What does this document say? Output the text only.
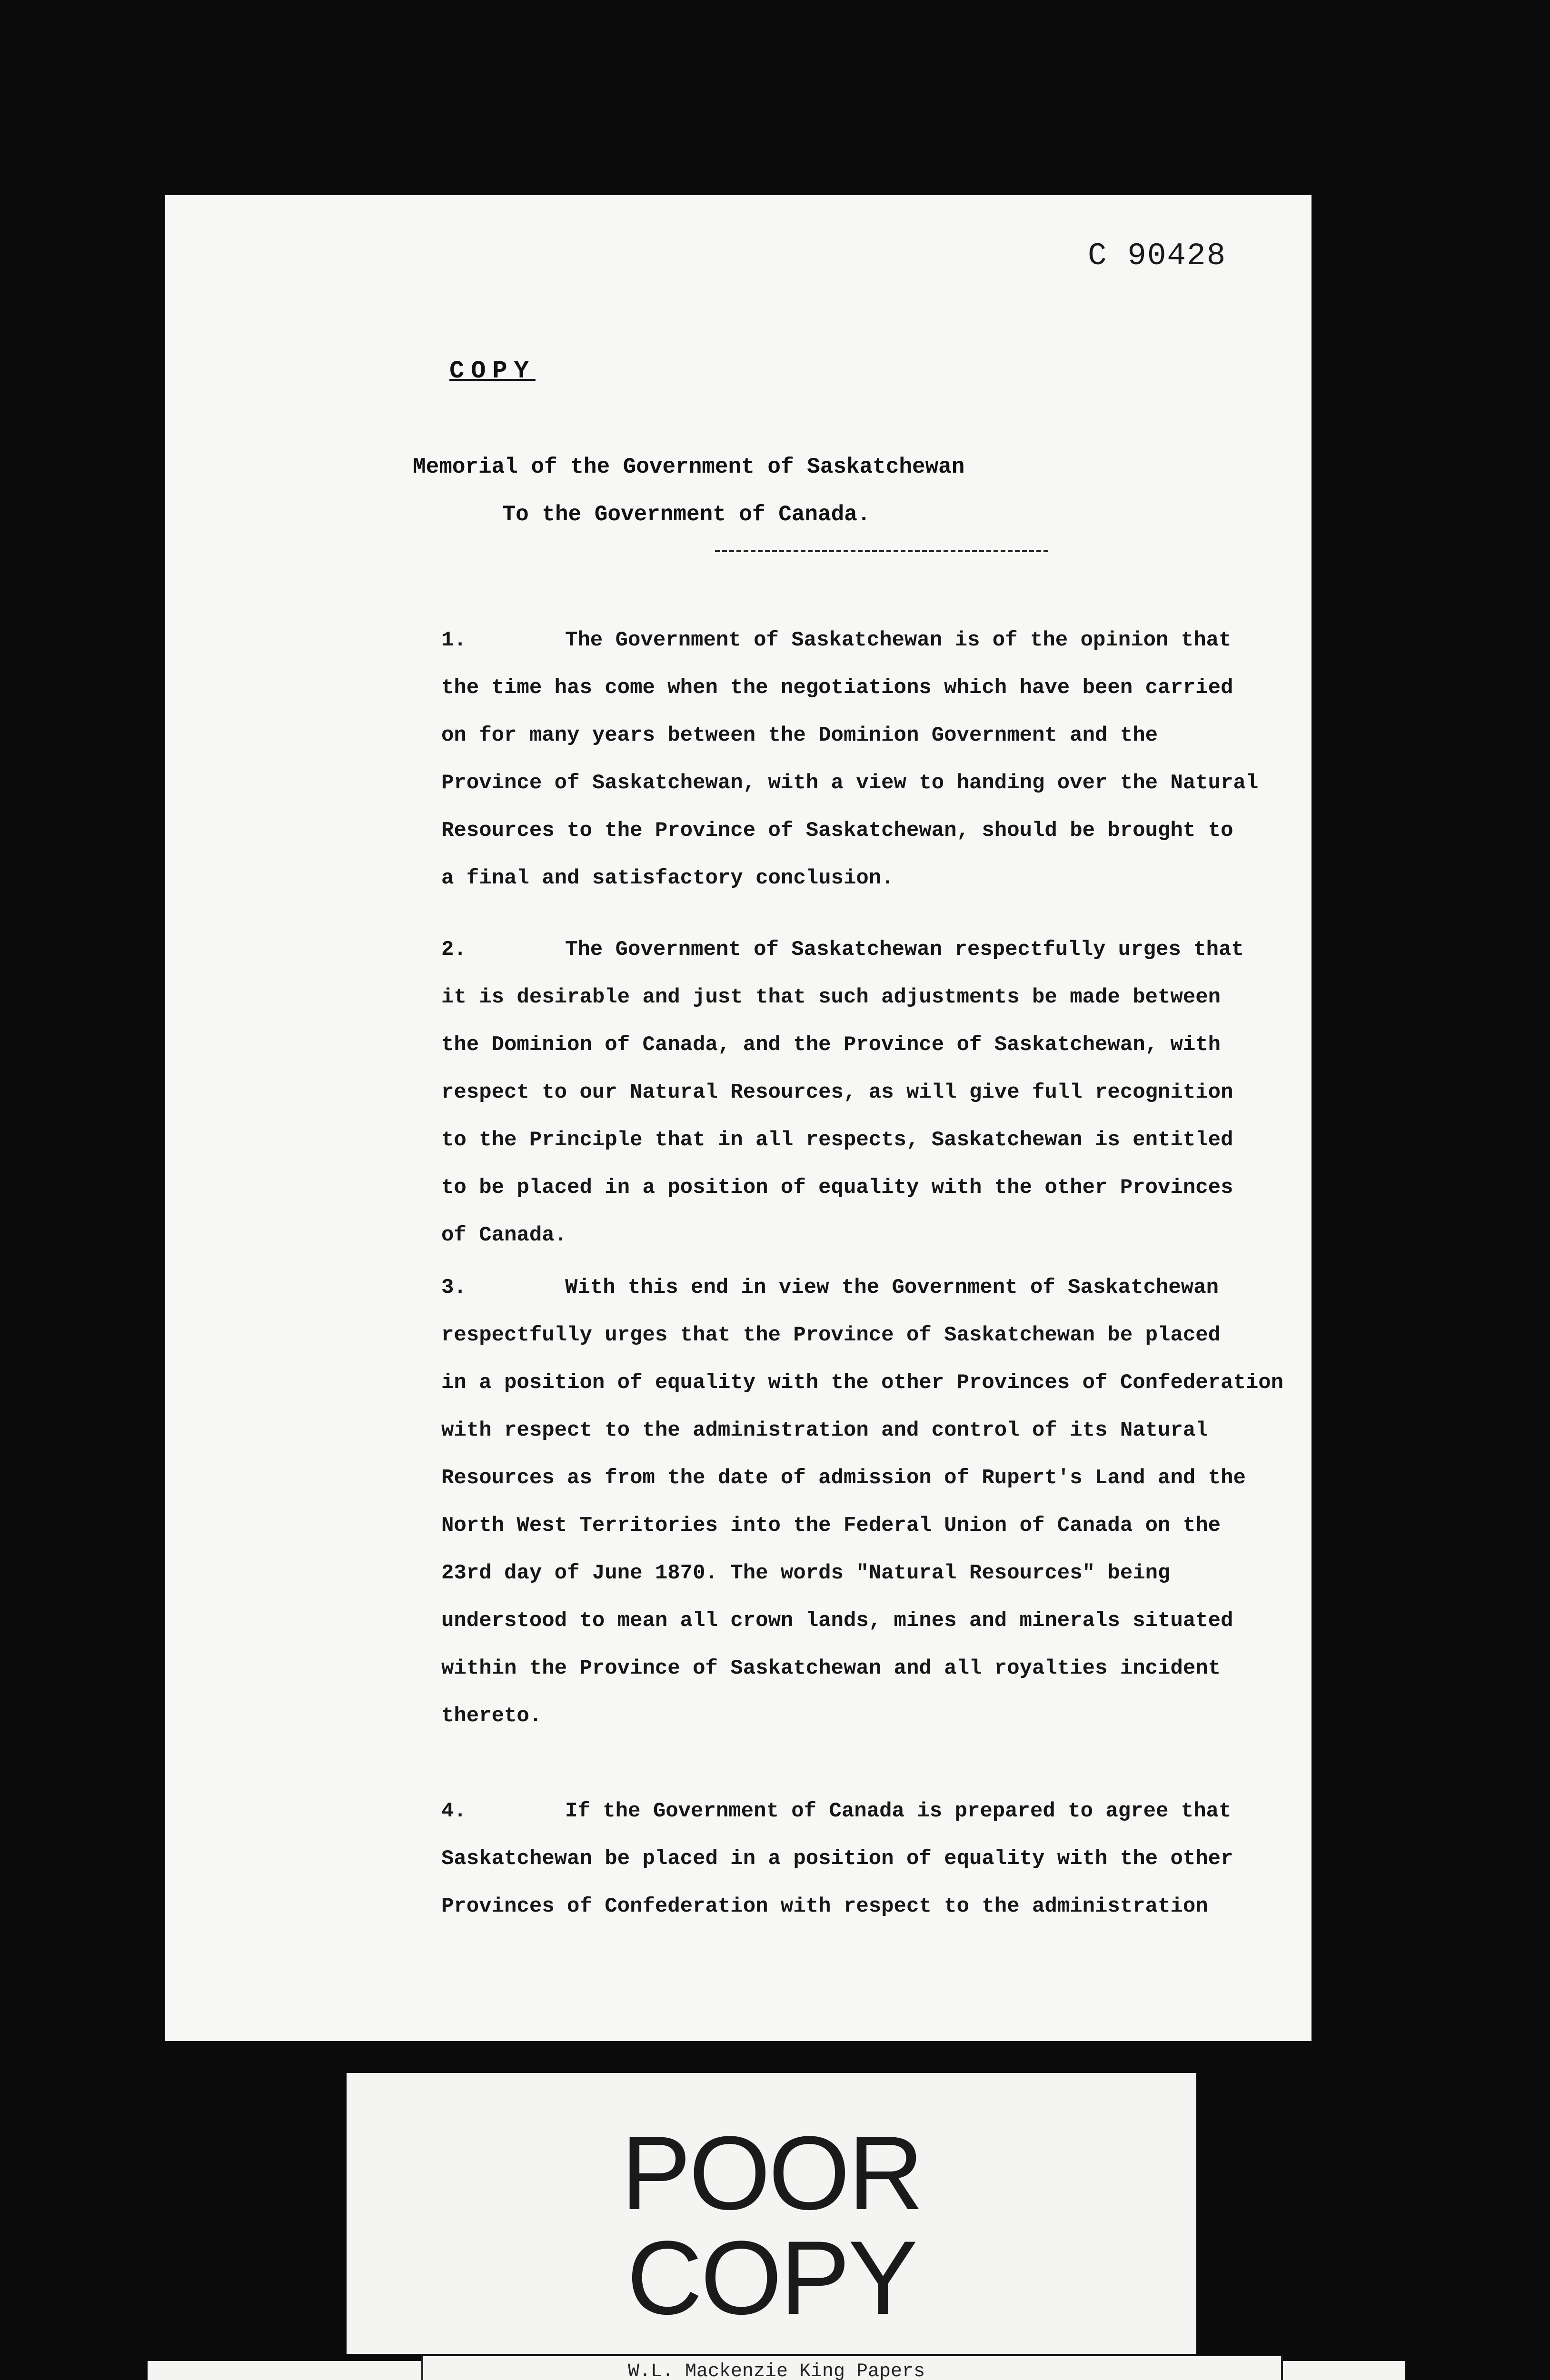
C 90428
COPY
Memorial of the Government of Saskatchewan
To the Government of Canada.
1.	The Government of Saskatchewan is of the opinion that
the time has come when the negotiations which have been carried
on for many years between the Dominion Government and the
Province of Saskatchewan, with a view to handing over the Natural
Resources to the Province of Saskatchewan, should be brought to
a final and satisfactory conclusion.
2.	The Government of Saskatchewan respectfully urges that
it is desirable and just that such adjustments be made between
the Dominion of Canada, and the Province of Saskatchewan, with
respect to our Natural Resources, as will give full recognition
to the Principle that in all respects, Saskatchewan is entitled
to be placed in a position of equality with the other Provinces
of Canada.
3.	With this end in view the Government of Saskatchewan
respectfully urges that the Province of Saskatchewan be placed
in a position of equality with the other Provinces of Confederation
with respect to the administration and control of its Natural
Resources as from the date of admission of Rupert's Land and the
North West Territories into the Federal Union of Canada on the
23rd day of June 1870. The words "Natural Resources" being
understood to mean all crown lands, mines and minerals situated
within the Province of Saskatchewan and all royalties incident
thereto.
4.	If the Government of Canada is prepared to agree that
Saskatchewan be placed in a position of equality with the other
Provinces of Confederation with respect to the administration
POOR
COPY
W.L. Mackenzie King Papers
